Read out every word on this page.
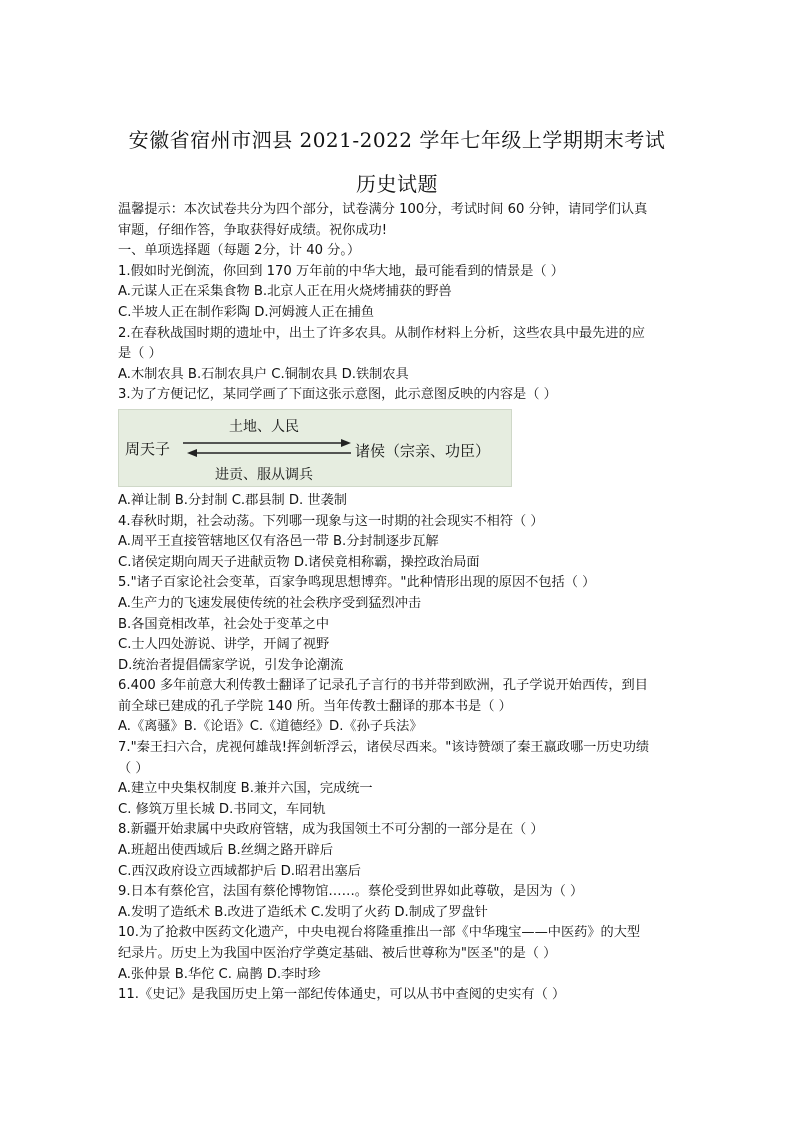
安徽省宿州市泗县 2021-2022 学年七年级上学期期末考试
历史试题
温馨提示：本次试卷共分为四个部分，试卷满分 100分，考试时间 60 分钟，请同学们认真
审题，仔细作答，争取获得好成绩。祝你成功!
一、单项选择题（每题 2分，计 40 分。）
1.假如时光倒流，你回到 170 万年前的中华大地，最可能看到的情景是（ ）
A.元谋人正在采集食物 B.北京人正在用火烧烤捕获的野兽
C.半坡人正在制作彩陶 D.河姆渡人正在捕鱼
2.在春秋战国时期的遗址中，出土了许多农具。从制作材料上分析，这些农具中最先进的应
是（ ）
A.木制农具 B.石制农具户 C.铜制农具 D.铁制农具
3.为了方便记忆，某同学画了下面这张示意图，此示意图反映的内容是（ ）
周天子
土地、人民
进贡、服从调兵
诸侯（宗亲、功臣）
A.禅让制 B.分封制 C.郡县制 D. 世袭制
4.春秋时期，社会动荡。下列哪一现象与这一时期的社会现实不相符（ ）
A.周平王直接管辖地区仅有洛邑一带 B.分封制逐步瓦解
C.诸侯定期向周天子进献贡物 D.诸侯竟相称霸，操控政治局面
5."诸子百家论社会变革，百家争鸣现思想博弈。"此种情形出现的原因不包括（ ）
A.生产力的飞速发展使传统的社会秩序受到猛烈冲击
B.各国竟相改革，社会处于变革之中
C.士人四处游说、讲学，开阔了视野
D.统治者提倡儒家学说，引发争论潮流
6.400 多年前意大利传教士翻译了记录孔子言行的书并带到欧洲，孔子学说开始西传，到目
前全球已建成的孔子学院 140 所。当年传教士翻译的那本书是（ ）
A.《离骚》B.《论语》C.《道德经》D.《孙子兵法》
7."秦王扫六合，虎视何雄哉!挥剑斩浮云，诸侯尽西来。"该诗赞颂了秦王嬴政哪一历史功绩
（ ）
A.建立中央集权制度 B.兼并六国，完成统一
C. 修筑万里长城 D.书同文，车同轨
8.新疆开始隶属中央政府管辖，成为我国领土不可分割的一部分是在（ ）
A.班超出使西域后 B.丝绸之路开辟后
C.西汉政府设立西域都护后 D.昭君出塞后
9.日本有蔡伦宫，法国有蔡伦博物馆……。蔡伦受到世界如此尊敬，是因为（ ）
A.发明了造纸术 B.改进了造纸术 C.发明了火药 D.制成了罗盘针
10.为了抢救中医药文化遗产，中央电视台将隆重推出一部《中华瑰宝——中医药》的大型
纪录片。历史上为我国中医治疗学奠定基础、被后世尊称为"医圣"的是（ ）
A.张仲景 B.华佗 C. 扁鹊 D.李时珍
11.《史记》是我国历史上第一部纪传体通史，可以从书中查阅的史实有（ ）
